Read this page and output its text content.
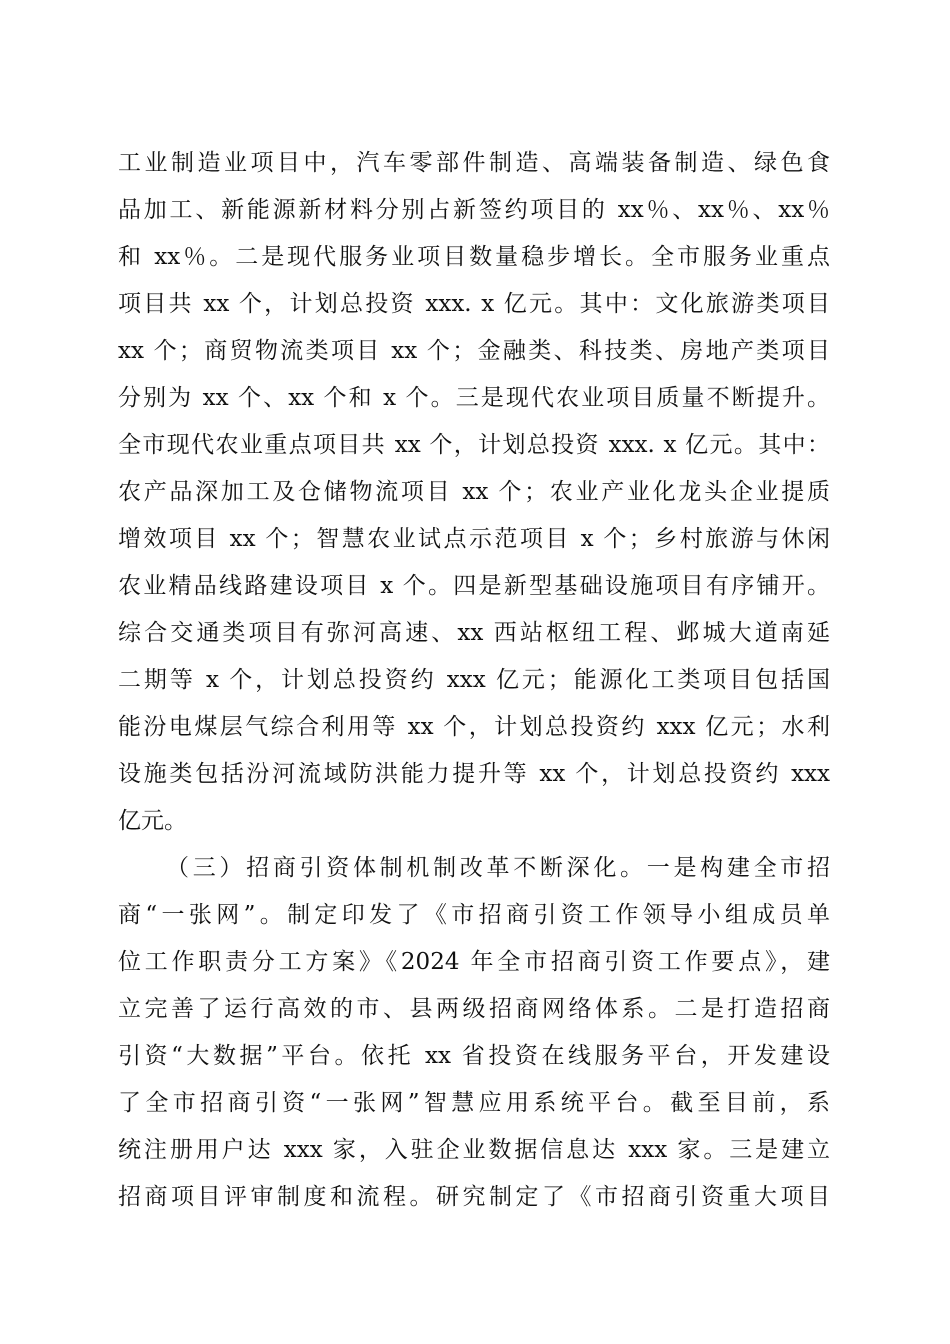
工业制造业项目中，汽车零部件制造、高端装备制造、绿色食
品加工、新能源新材料分别占新签约项目的 xx％、xx％、xx％
和 xx％。二是现代服务业项目数量稳步增长。全市服务业重点
项目共 xx 个，计划总投资 xxx. x 亿元。其中：文化旅游类项目
xx 个；商贸物流类项目 xx 个；金融类、科技类、房地产类项目
分别为 xx 个、xx 个和 x 个。三是现代农业项目质量不断提升。
全市现代农业重点项目共 xx 个，计划总投资 xxx. x 亿元。其中：
农产品深加工及仓储物流项目 xx 个；农业产业化龙头企业提质
增效项目 xx 个；智慧农业试点示范项目 x 个；乡村旅游与休闲
农业精品线路建设项目 x 个。四是新型基础设施项目有序铺开。
综合交通类项目有弥河高速、xx 西站枢纽工程、邺城大道南延
二期等 x 个，计划总投资约 xxx 亿元；能源化工类项目包括国
能汾电煤层气综合利用等 xx 个，计划总投资约 xxx 亿元；水利
设施类包括汾河流域防洪能力提升等 xx 个，计划总投资约 xxx
亿元。
（三）招商引资体制机制改革不断深化。一是构建全市招
商“一张网”。制定印发了《市招商引资工作领导小组成员单
位工作职责分工方案》《2024 年全市招商引资工作要点》，建
立完善了运行高效的市、县两级招商网络体系。二是打造招商
引资“大数据”平台。依托 xx 省投资在线服务平台，开发建设
了全市招商引资“一张网”智慧应用系统平台。截至目前，系
统注册用户达 xxx 家，入驻企业数据信息达 xxx 家。三是建立
招商项目评审制度和流程。研究制定了《市招商引资重大项目
